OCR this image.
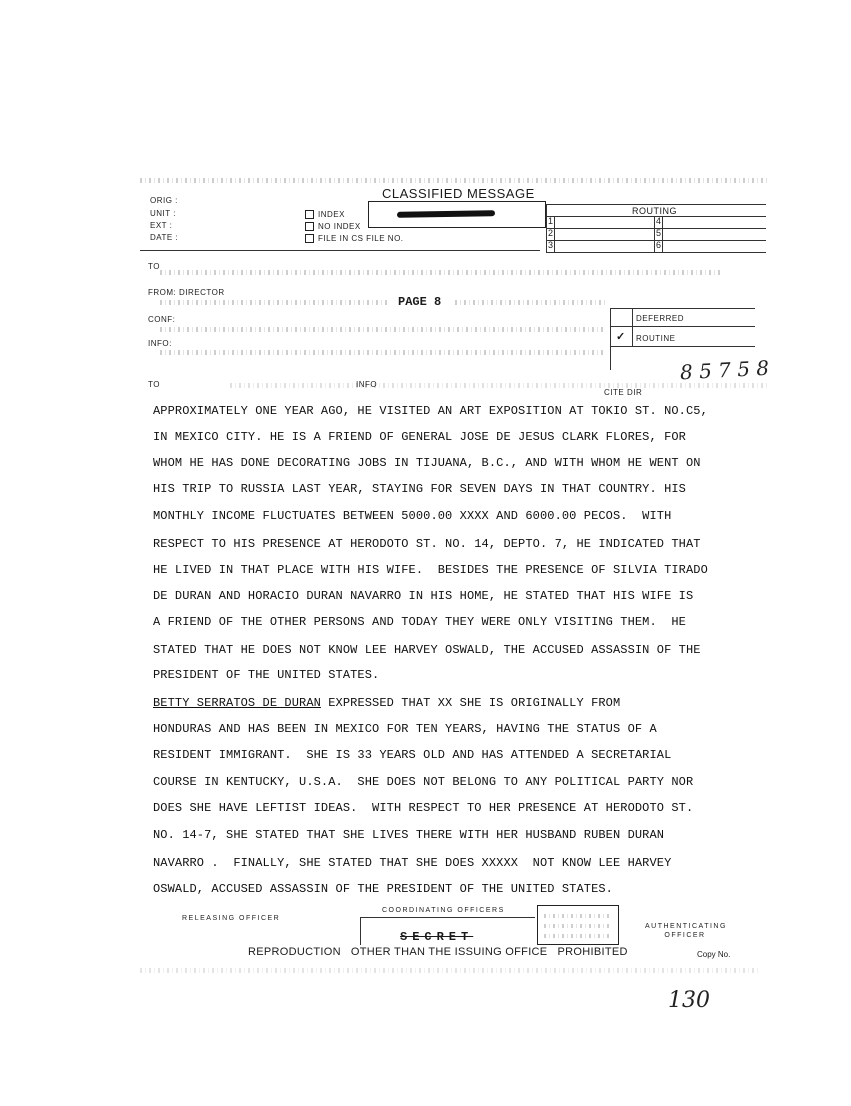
CLASSIFIED MESSAGE
ORIG :
UNIT :
EXT :
DATE :
INDEX
NO INDEX
FILE IN CS FILE NO.
ROUTING
1
2
3
4
5
6
TO
FROM: DIRECTOR
PAGE 8
CONF:
INFO:
DEFERRED
ROUTINE
✓
8 5 7 5 8
TO	INFO
CITE DIR
APPROXIMATELY ONE YEAR AGO, HE VISITED AN ART EXPOSITION AT TOKIO ST. NO.C5,
IN MEXICO CITY. HE IS A FRIEND OF GENERAL JOSE DE JESUS CLARK FLORES, FOR
WHOM HE HAS DONE DECORATING JOBS IN TIJUANA, B.C., AND WITH WHOM HE WENT ON
HIS TRIP TO RUSSIA LAST YEAR, STAYING FOR SEVEN DAYS IN THAT COUNTRY. HIS
MONTHLY INCOME FLUCTUATES BETWEEN 5000.00 XXXX AND 6000.00 PECOS.  WITH
RESPECT TO HIS PRESENCE AT HERODOTO ST. NO. 14, DEPTO. 7, HE INDICATED THAT
HE LIVED IN THAT PLACE WITH HIS WIFE.  BESIDES THE PRESENCE OF SILVIA TIRADO
DE DURAN AND HORACIO DURAN NAVARRO IN HIS HOME, HE STATED THAT HIS WIFE IS
A FRIEND OF THE OTHER PERSONS AND TODAY THEY WERE ONLY VISITING THEM.  HE
STATED THAT HE DOES NOT KNOW LEE HARVEY OSWALD, THE ACCUSED ASSASSIN OF THE
PRESIDENT OF THE UNITED STATES.
BETTY SERRATOS DE DURAN EXPRESSED THAT XX SHE IS ORIGINALLY FROM
HONDURAS AND HAS BEEN IN MEXICO FOR TEN YEARS, HAVING THE STATUS OF A
RESIDENT IMMIGRANT.  SHE IS 33 YEARS OLD AND HAS ATTENDED A SECRETARIAL
COURSE IN KENTUCKY, U.S.A.  SHE DOES NOT BELONG TO ANY POLITICAL PARTY NOR
DOES SHE HAVE LEFTIST IDEAS.  WITH RESPECT TO HER PRESENCE AT HERODOTO ST.
NO. 14-7, SHE STATED THAT SHE LIVES THERE WITH HER HUSBAND RUBEN DURAN
NAVARRO .  FINALLY, SHE STATED THAT SHE DOES XXXXX  NOT KNOW LEE HARVEY
OSWALD, ACCUSED ASSASSIN OF THE PRESIDENT OF THE UNITED STATES.
RELEASING OFFICER
COORDINATING OFFICERS
AUTHENTICATING OFFICER
SECRET
REPRODUCTION   OTHER THAN THE ISSUING OFFICE   PROHIBITED	Copy No.
130
